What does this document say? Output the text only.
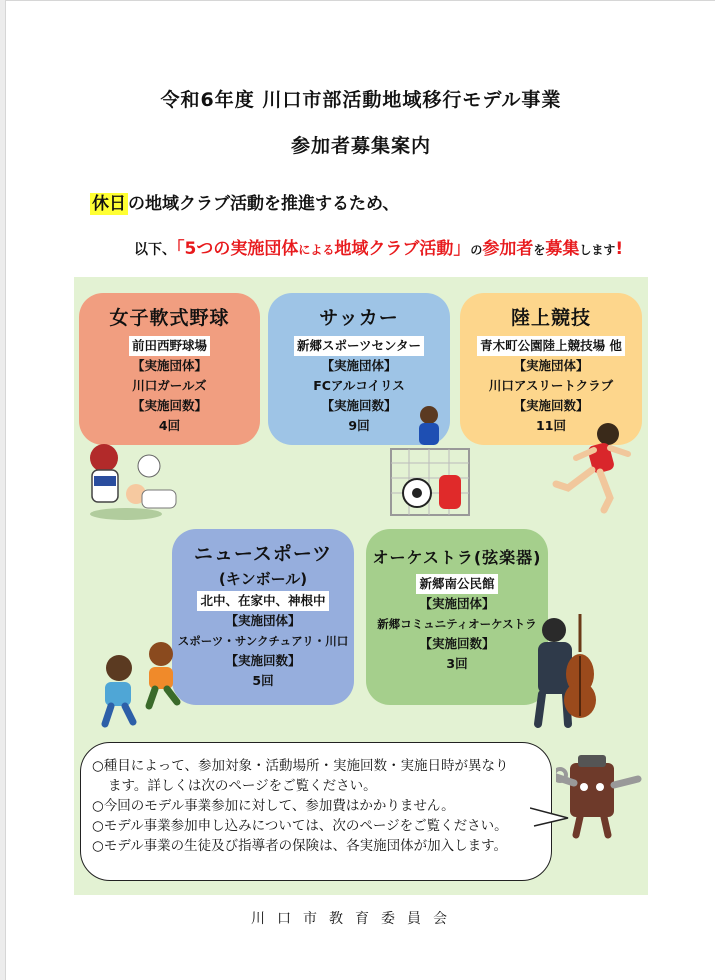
令和6年度 川口市部活動地域移行モデル事業
参加者募集案内
休日 の地域クラブ活動を推進するため、
以下、「5つの実施団体による地域クラブ活動」の参加者を募集します!
女子軟式野球
前田西野球場
【実施団体】
川口ガールズ
【実施回数】
4回
サッカー
新郷スポーツセンター
【実施団体】
FCアルコイリス
【実施回数】
9回
陸上競技
青木町公園陸上競技場 他
【実施団体】
川口アスリートクラブ
【実施回数】
11回
ニュースポーツ
(キンボール)
北中、在家中、神根中
【実施団体】
スポーツ・サンクチュアリ・川口
【実施回数】
5回
オーケストラ(弦楽器)
新郷南公民館
【実施団体】
新郷コミュニティオーケストラ
【実施回数】
3回
○種目によって、参加対象・活動場所・実施回数・実施日時が異なり
ます。詳しくは次のページをご覧ください。
○今回のモデル事業参加に対して、参加費はかかりません。
○モデル事業参加申し込みについては、次のページをご覧ください。
○モデル事業の生徒及び指導者の保険は、各実施団体が加入します。
川口市教育委員会
